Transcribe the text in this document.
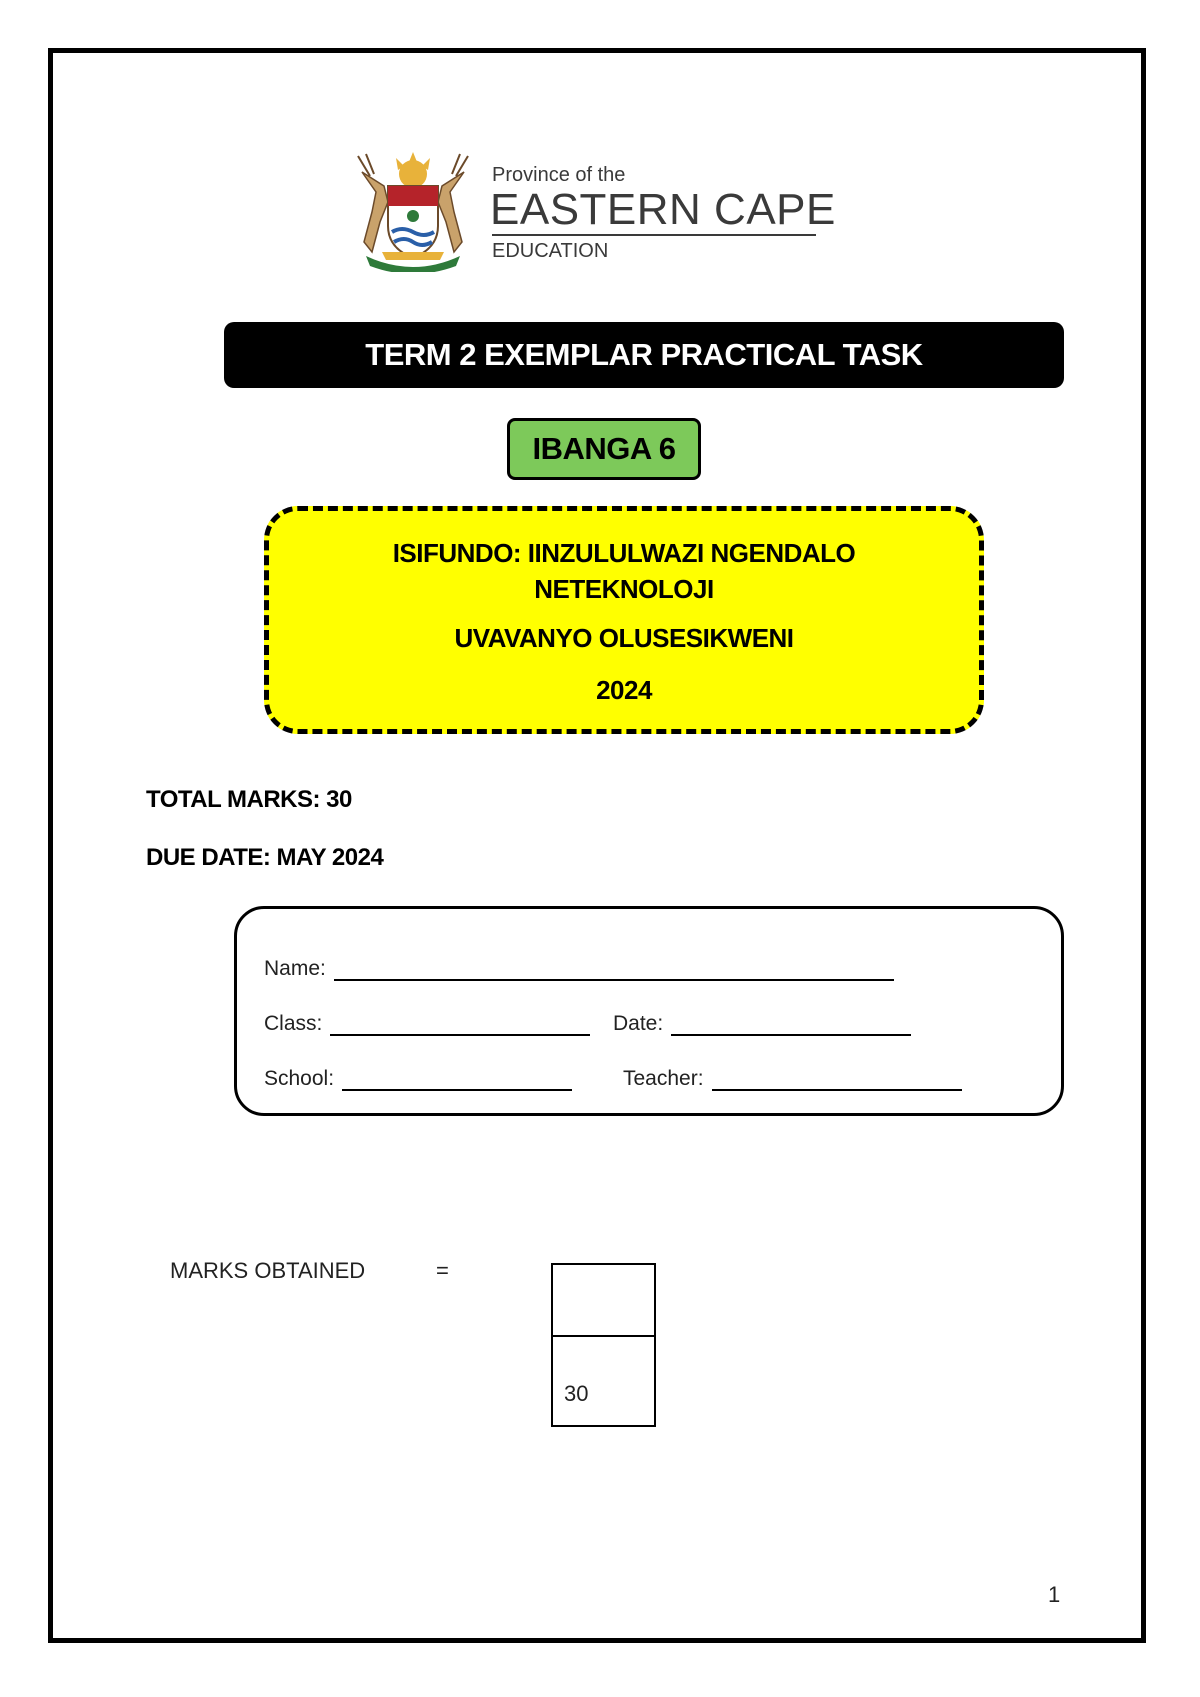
Province of the
EASTERN CAPE
EDUCATION
TERM 2 EXEMPLAR PRACTICAL TASK
IBANGA 6
ISIFUNDO: IINZULULWAZI NGENDALO NETEKNOLOJI
UVAVANYO OLUSESIKWENI
2024
TOTAL MARKS: 30
DUE DATE: MAY 2024
Name:
Class:	Date:
School:	Teacher:
MARKS OBTAINED	=
30
1
